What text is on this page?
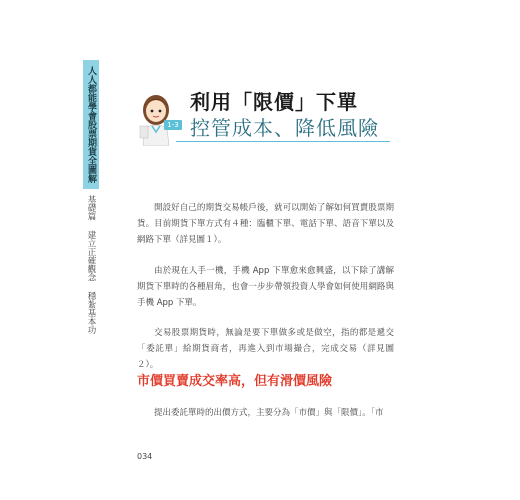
人人都能學會股票期貨全圖解
基礎篇 建立正確觀念 穩紮基本功
1-3
利用「限價」下單
控管成本、降低風險

開設好自己的期貨交易帳戶後，就可以開始了解如何買賣股票期貨。目前期貨下單方式有４種：臨櫃下單、電話下單、語音下單以及網路下單（詳見圖１）。

由於現在人手一機，手機 App 下單愈來愈興盛，以下除了講解期貨下單時的各種眉角，也會一步步帶領投資人學會如何使用網路與手機 App 下單。

交易股票期貨時，無論是要下單做多或是做空，指的都是遞交「委託單」給期貨商者，再進入到市場撮合，完成交易（詳見圖２）。

市價買賣成交率高，但有滑價風險

提出委託單時的出價方式，主要分為「市價」與「限價」。「市

034
